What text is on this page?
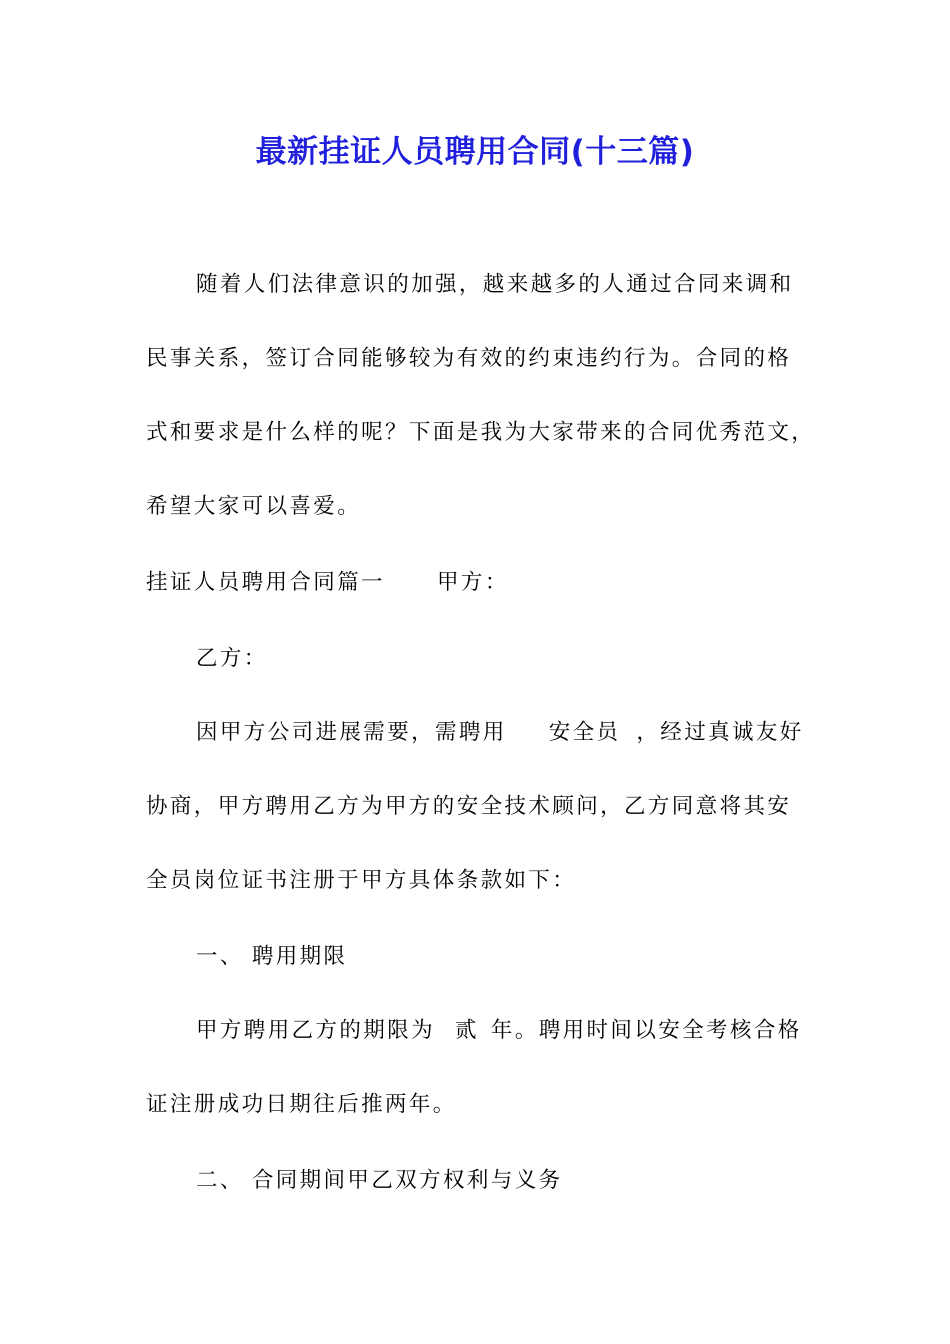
最新挂证人员聘用合同(十三篇)
随着人们法律意识的加强，越来越多的人通过合同来调和
民事关系，签订合同能够较为有效的约束违约行为。合同的格
式和要求是什么样的呢？下面是我为大家带来的合同优秀范文，
希望大家可以喜爱。
挂证人员聘用合同篇一 甲方：
乙方：
因甲方公司进展需要，需聘用 安全员 ，经过真诚友好
协商，甲方聘用乙方为甲方的安全技术顾问，乙方同意将其安
全员岗位证书注册于甲方具体条款如下：
一、 聘用期限
甲方聘用乙方的期限为 贰 年。聘用时间以安全考核合格
证注册成功日期往后推两年。
二、 合同期间甲乙双方权利与义务
